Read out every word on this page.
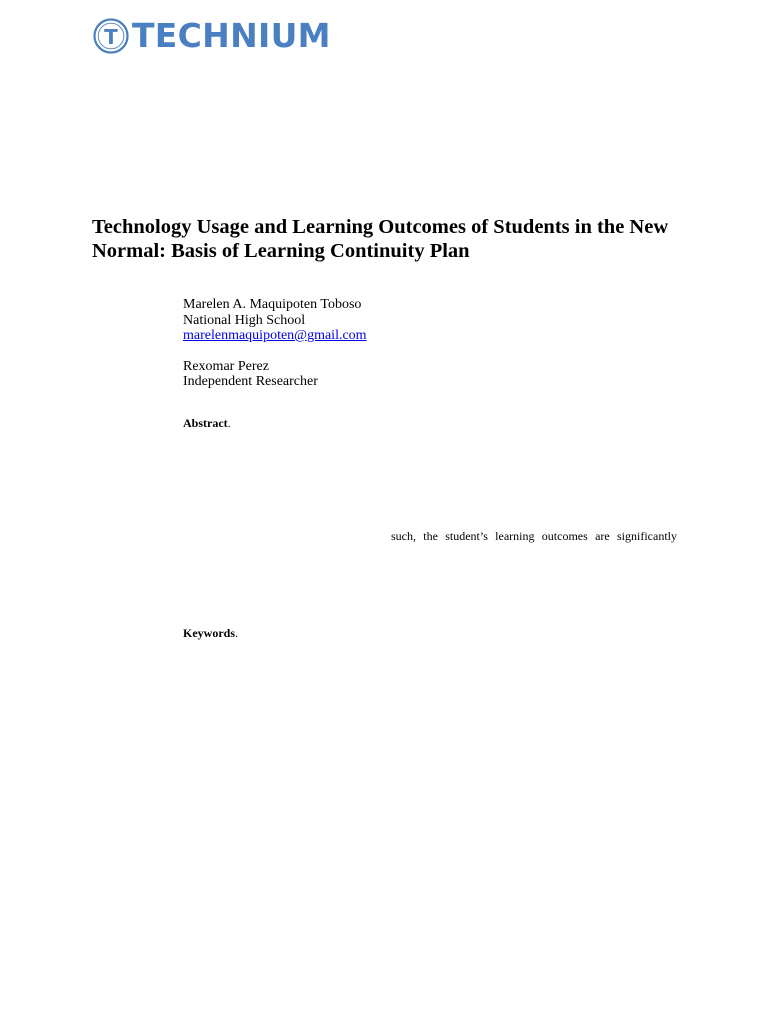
T TECHNIUM
Technology Usage and Learning Outcomes of Students in the New Normal: Basis of Learning Continuity Plan
Marelen A. Maquipoten Toboso
National High School
marelenmaquipoten@gmail.com
Rexomar Perez
Independent Researcher
Abstract.
such, the student’s learning outcomes are significantly
Keywords.
